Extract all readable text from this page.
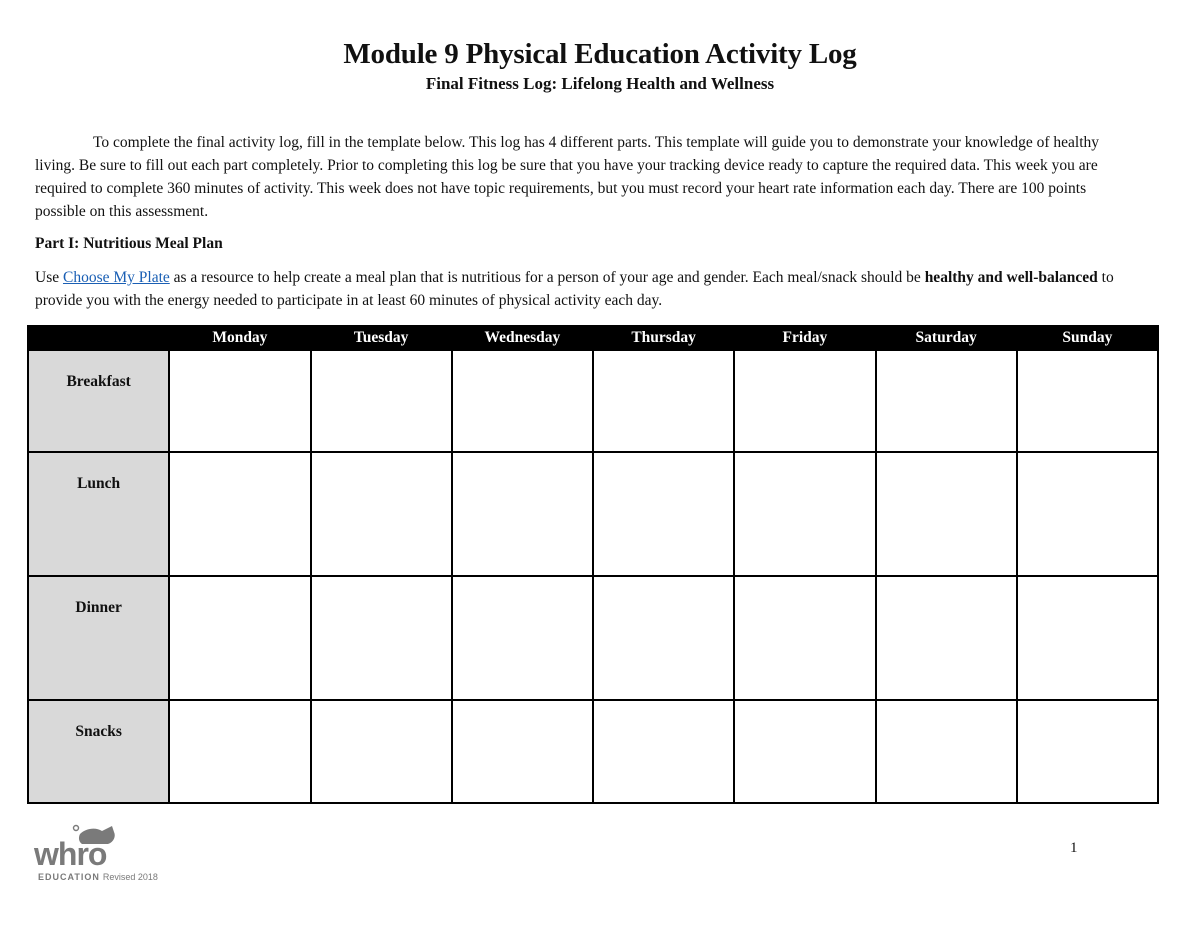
Module 9 Physical Education Activity Log
Final Fitness Log: Lifelong Health and Wellness

To complete the final activity log, fill in the template below. This log has 4 different parts. This template will guide you to demonstrate your knowledge of healthy living. Be sure to fill out each part completely. Prior to completing this log be sure that you have your tracking device ready to capture the required data. This week you are required to complete 360 minutes of activity. This week does not have topic requirements, but you must record your heart rate information each day. There are 100 points possible on this assessment.

Part I: Nutritious Meal Plan

Use Choose My Plate as a resource to help create a meal plan that is nutritious for a person of your age and gender. Each meal/snack should be healthy and well-balanced to provide you with the energy needed to participate in at least 60 minutes of physical activity each day.

	Monday	Tuesday	Wednesday	Thursday	Friday	Saturday	Sunday

Breakfast							

Lunch							

Dinner							

Snacks							

whro
EDUCATION Revised 2018
1
